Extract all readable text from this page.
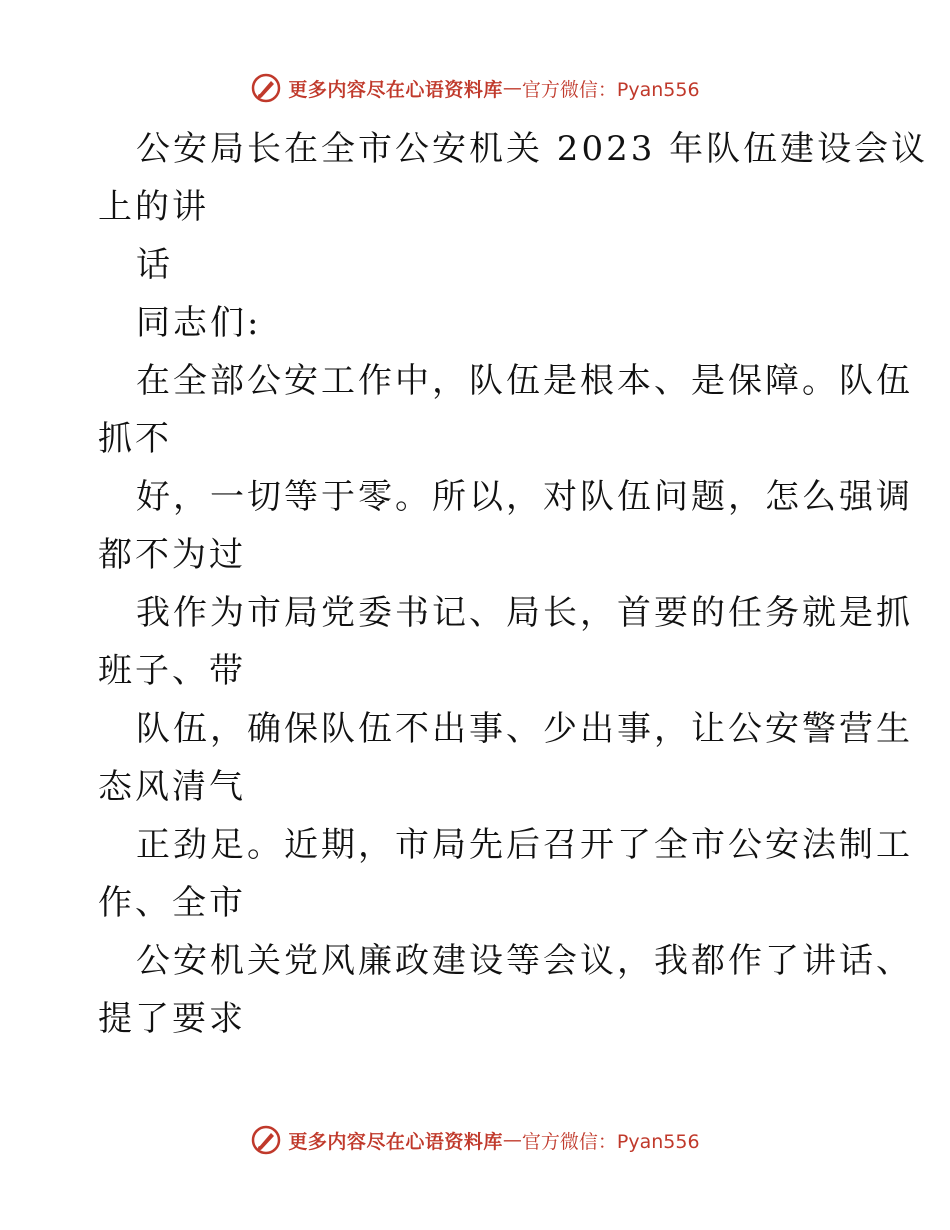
更多内容尽在心语资料库 — 官方微信：Pyan556
公安局长在全市公安机关 2023 年队伍建设会议
上的讲
话
同志们:
在全部公安工作中，队伍是根本、是保障。队伍
抓不
好，一切等于零。所以，对队伍问题，怎么强调
都不为过
我作为市局党委书记、局长，首要的任务就是抓
班子、带
队伍，确保队伍不出事、少出事，让公安警营生
态风清气
正劲足。近期，市局先后召开了全市公安法制工
作、全市
公安机关党风廉政建设等会议，我都作了讲话、
提了要求
更多内容尽在心语资料库 — 官方微信：Pyan556
